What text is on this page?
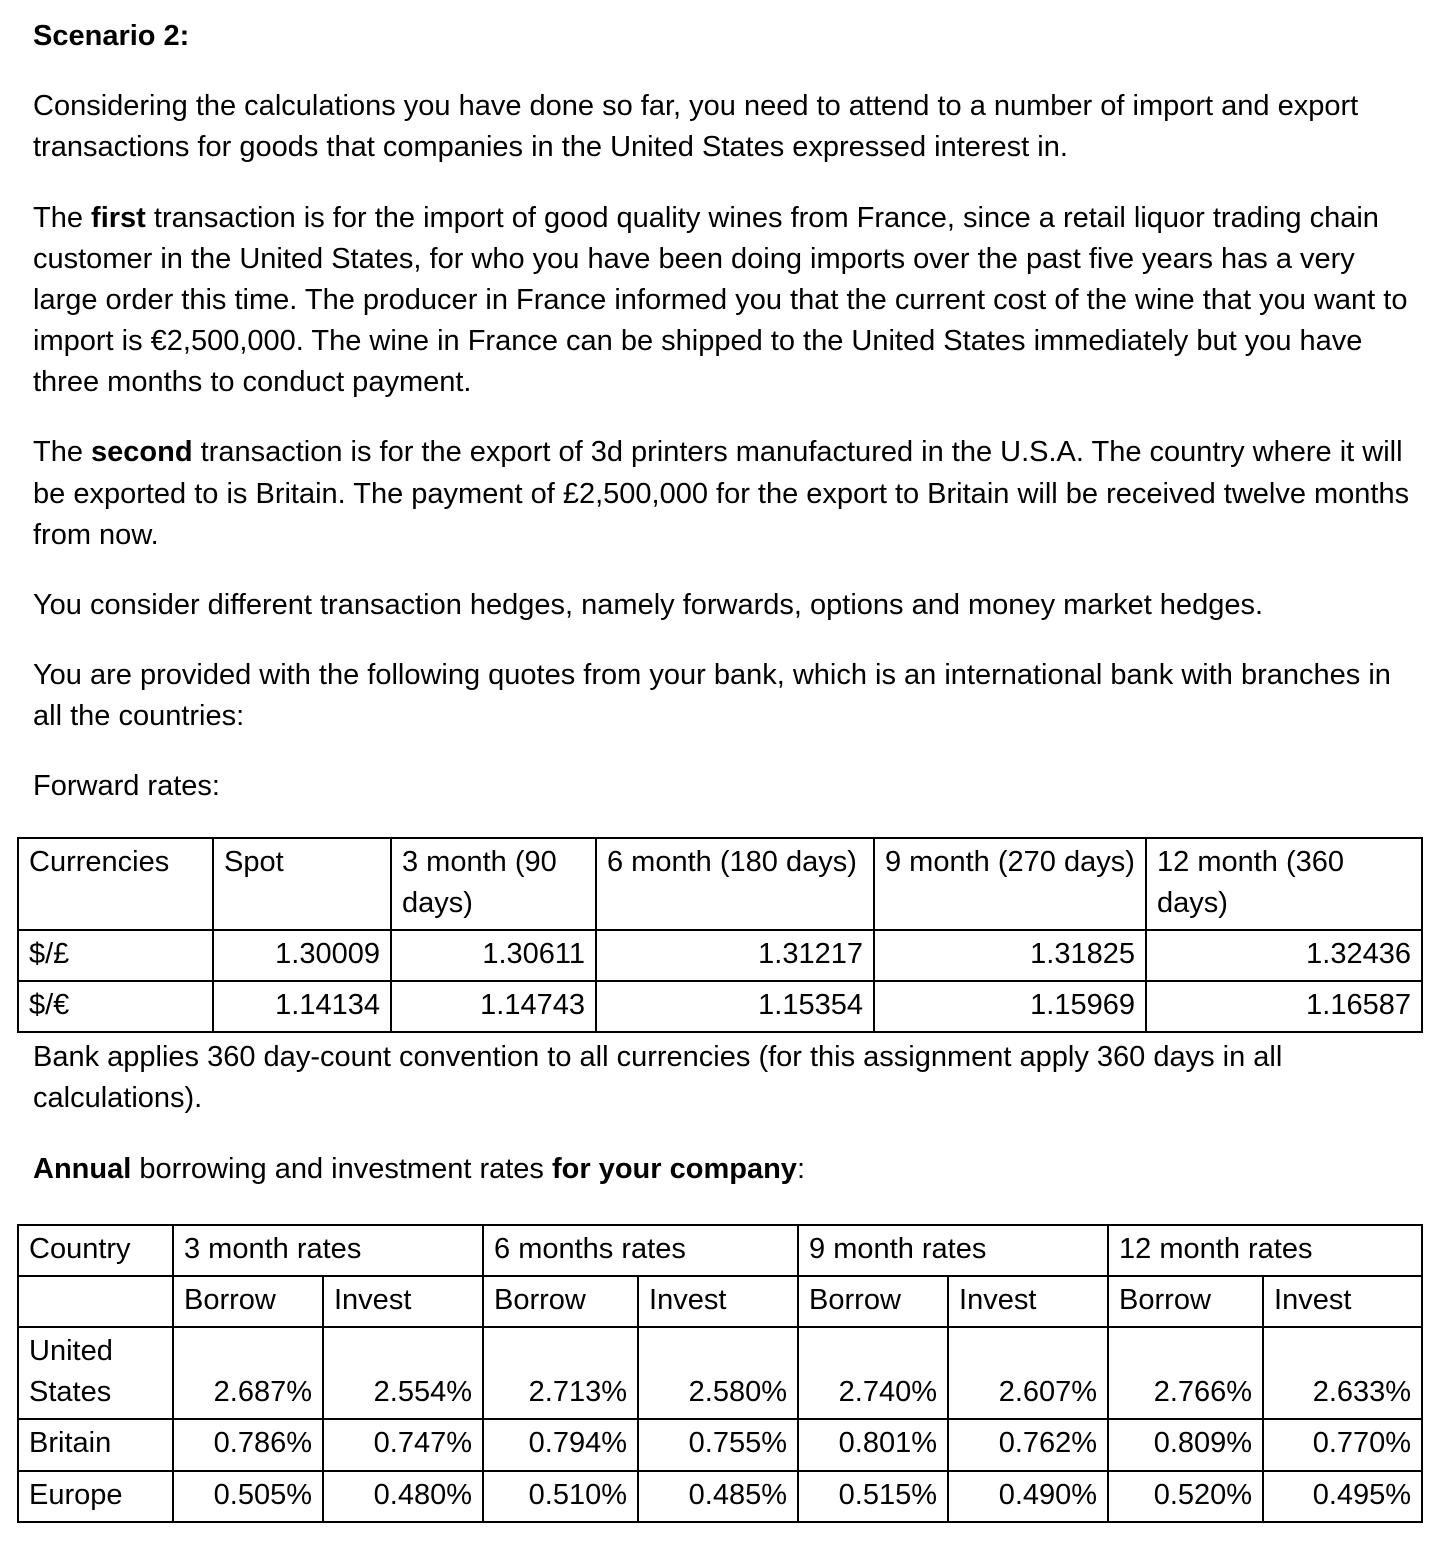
Scenario 2:

Considering the calculations you have done so far, you need to attend to a number of import and export transactions for goods that companies in the United States expressed interest in.

The first transaction is for the import of good quality wines from France, since a retail liquor trading chain customer in the United States, for who you have been doing imports over the past five years has a very large order this time. The producer in France informed you that the current cost of the wine that you want to import is €2,500,000. The wine in France can be shipped to the United States immediately but you have three months to conduct payment.

The second transaction is for the export of 3d printers manufactured in the U.S.A. The country where it will be exported to is Britain. The payment of £2,500,000 for the export to Britain will be received twelve months from now.

You consider different transaction hedges, namely forwards, options and money market hedges.

You are provided with the following quotes from your bank, which is an international bank with branches in all the countries:

Forward rates:

Currencies	Spot	3 month (90 days)	6 month (180 days)	9 month (270 days)	12 month (360 days)
$/£	1.30009	1.30611	1.31217	1.31825	1.32436
$/€	1.14134	1.14743	1.15354	1.15969	1.16587

Bank applies 360 day-count convention to all currencies (for this assignment apply 360 days in all calculations).

Annual borrowing and investment rates for your company:

Country	3 month rates		6 months rates		9 month rates		12 month rates	
	Borrow	Invest	Borrow	Invest	Borrow	Invest	Borrow	Invest
United States	2.687%	2.554%	2.713%	2.580%	2.740%	2.607%	2.766%	2.633%
Britain	0.786%	0.747%	0.794%	0.755%	0.801%	0.762%	0.809%	0.770%
Europe	0.505%	0.480%	0.510%	0.485%	0.515%	0.490%	0.520%	0.495%
